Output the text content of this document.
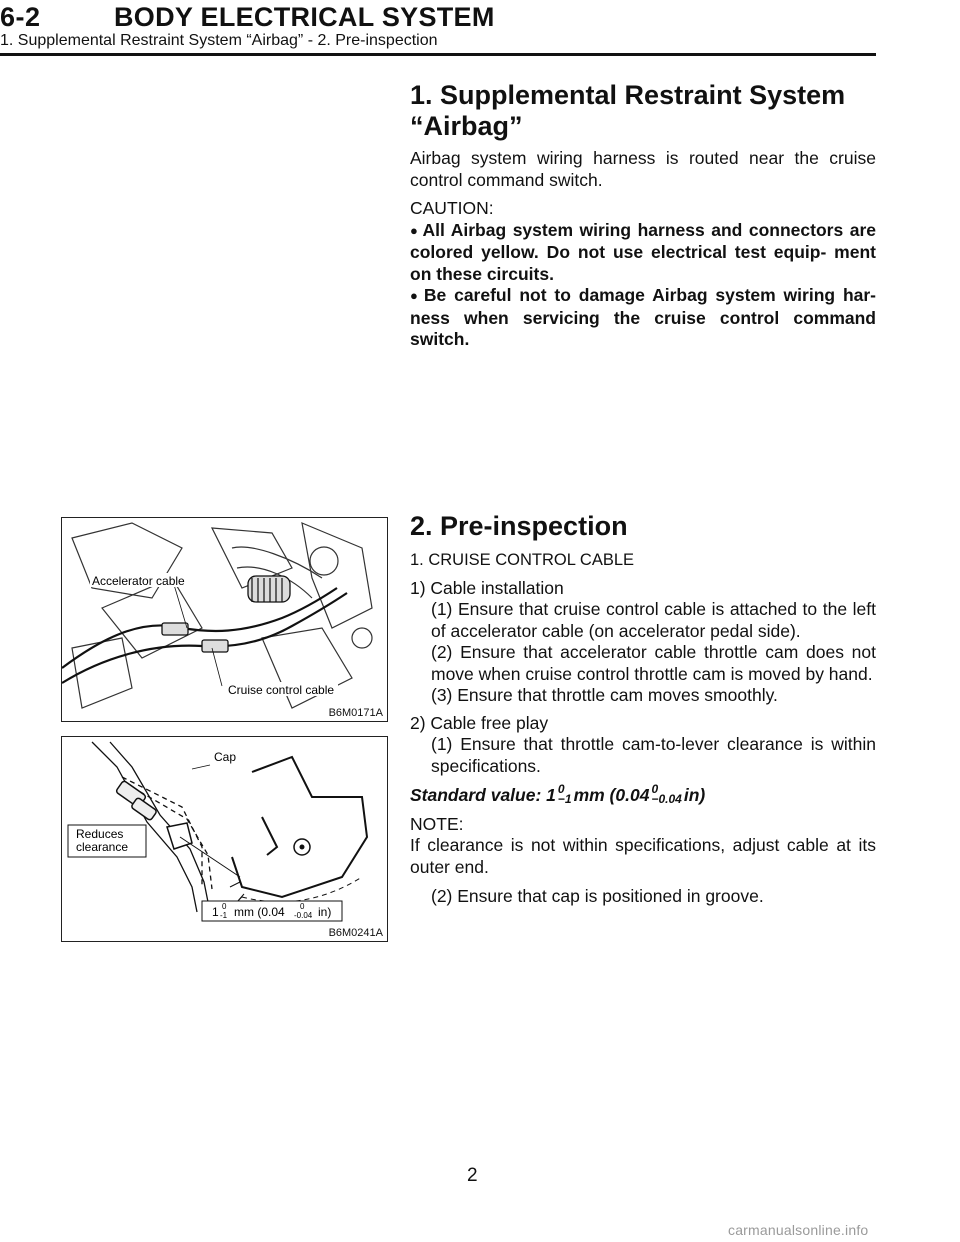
6-2	BODY ELECTRICAL SYSTEM
1. Supplemental Restraint System “Airbag” - 2. Pre-inspection
1. Supplemental Restraint System
“Airbag”

Airbag system wiring harness is routed near the cruise control command switch.

CAUTION:

● All Airbag system wiring harness and connectors are colored yellow. Do not use electrical test equip- ment on these circuits.

● Be careful not to damage Airbag system wiring har- ness when servicing the cruise control command switch.

2. Pre-inspection

1. CRUISE CONTROL CABLE

1) Cable installation

(1) Ensure that cruise control cable is attached to the left of accelerator cable (on accelerator pedal side).

(2) Ensure that accelerator cable throttle cam does not move when cruise control throttle cam is moved by hand.

(3) Ensure that throttle cam moves smoothly.

2) Cable free play

(1) Ensure that throttle cam-to-lever clearance is within specifications.

Standard value: 1 0
−1 mm (0.04 0
−0.04 in)

NOTE:

If clearance is not within specifications, adjust cable at its outer end.

(2) Ensure that cap is positioned in groove.

Accelerator cable
Cruise control cable
B6M0171A
Cap
Reduces
clearance
1 0
-1 mm (0.04 0
-0.04 in)
B6M0241A
2
carmanualsonline.info
